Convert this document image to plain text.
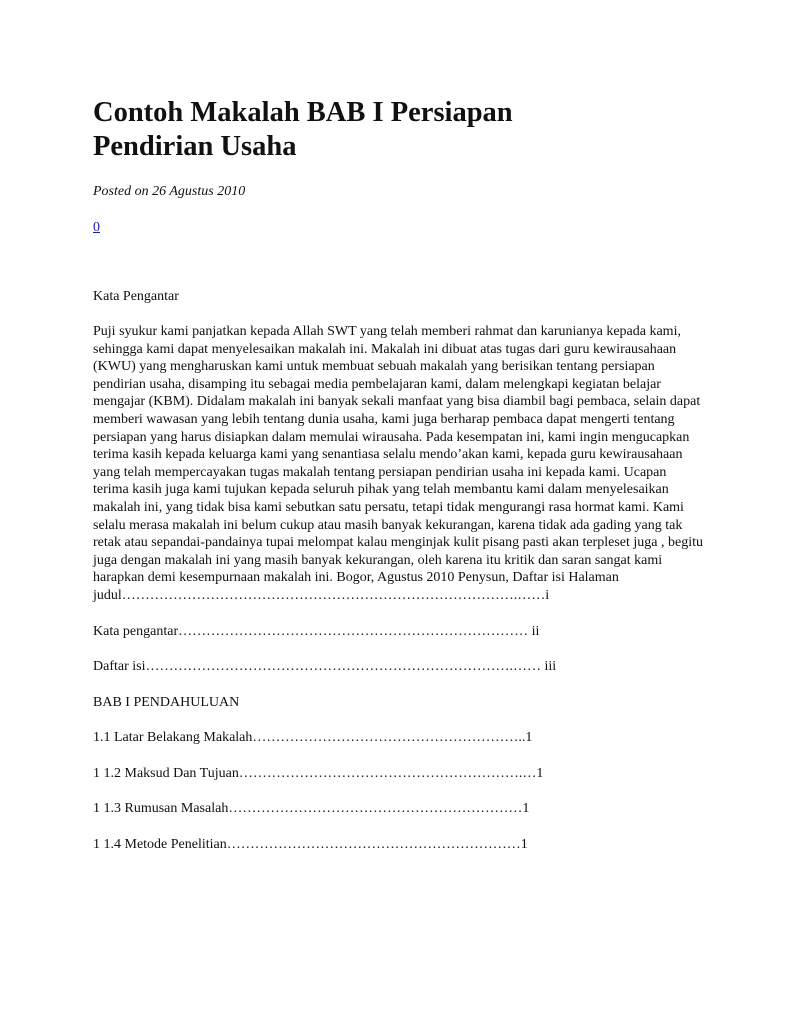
Contoh Makalah BAB I Persiapan
Pendirian Usaha

Posted on 26 Agustus 2010

0

Kata Pengantar

Puji syukur kami panjatkan kepada Allah SWT yang telah memberi rahmat dan karunianya kepada kami, sehingga kami dapat menyelesaikan makalah ini. Makalah ini dibuat atas tugas dari guru kewirausahaan (KWU) yang mengharuskan kami untuk membuat sebuah makalah yang berisikan tentang persiapan pendirian usaha, disamping itu sebagai media pembelajaran kami, dalam melengkapi kegiatan belajar mengajar (KBM). Didalam makalah ini banyak sekali manfaat yang bisa diambil bagi pembaca, selain dapat memberi wawasan yang lebih tentang dunia usaha, kami juga berharap pembaca dapat mengerti tentang persiapan yang harus disiapkan dalam memulai wirausaha. Pada kesempatan ini, kami ingin mengucapkan terima kasih kepada keluarga kami yang senantiasa selalu mendo’akan kami, kepada guru kewirausahaan yang telah mempercayakan tugas makalah tentang persiapan pendirian usaha ini kepada kami. Ucapan terima kasih juga kami tujukan kepada seluruh pihak yang telah membantu kami dalam menyelesaikan makalah ini, yang tidak bisa kami sebutkan satu persatu, tetapi tidak mengurangi rasa hormat kami. Kami selalu merasa makalah ini belum cukup atau masih banyak kekurangan, karena tidak ada gading yang tak retak atau sepandai-pandainya tupai melompat kalau menginjak kulit pisang pasti akan terpleset juga , begitu juga dengan makalah ini yang masih banyak kekurangan, oleh karena itu kritik dan saran sangat kami harapkan demi kesempurnaan makalah ini. Bogor, Agustus 2010 Penysun, Daftar isi Halaman
judul………………………………………………………………………….……i

Kata pengantar………………………………………………………………… ii

Daftar isi…………………………………………………………………….…… iii

BAB I PENDAHULUAN

1.1 Latar Belakang Makalah…………………………………………………..1

1 1.2 Maksud Dan Tujuan…………………………………………………….…1

1 1.3 Rumusan Masalah………………………………………………………1

1 1.4 Metode Penelitian………………………………………………………1
